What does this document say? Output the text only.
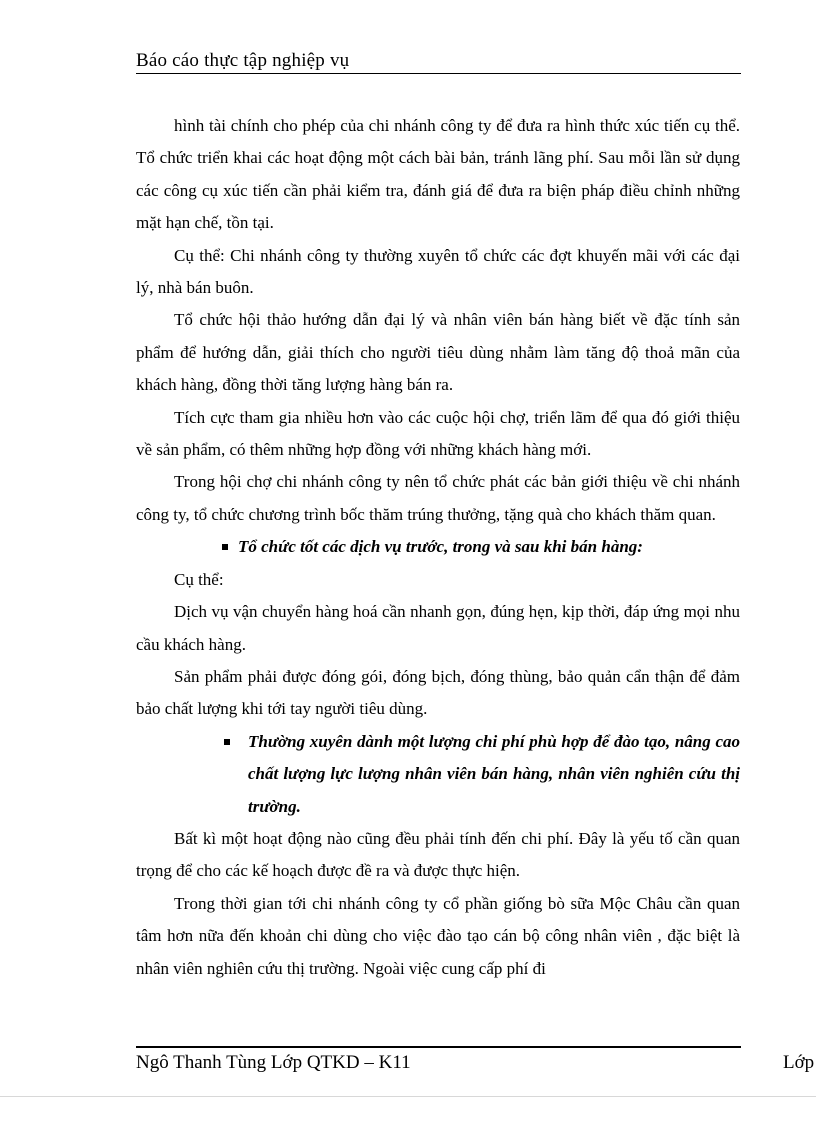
Báo cáo thực tập nghiệp vụ

hình tài chính cho phép của chi nhánh công ty để đưa ra hình thức xúc tiến cụ thể. Tổ chức triển khai các hoạt động một cách bài bản, tránh lãng phí. Sau mỗi lần sử dụng các công cụ xúc tiến cần phải kiểm tra, đánh giá để đưa ra biện pháp điều chỉnh những mặt hạn chế, tồn tại.

Cụ thể: Chi nhánh công ty thường xuyên tổ chức các đợt khuyến mãi với các đại lý, nhà bán buôn.

Tổ chức hội thảo hướng dẫn đại lý và nhân viên bán hàng biết về đặc tính sản phẩm để hướng dẫn, giải thích cho người tiêu dùng nhằm làm tăng độ thoả mãn của khách hàng, đồng thời tăng lượng hàng bán ra.

Tích cực tham gia nhiều hơn vào các cuộc hội chợ, triển lãm để qua đó giới thiệu về sản phẩm, có thêm những hợp đồng với những khách hàng mới.

Trong hội chợ chi nhánh công ty nên tổ chức phát các bản giới thiệu về chi nhánh công ty, tổ chức chương trình bốc thăm trúng thưởng, tặng quà cho khách thăm quan.

Tổ chức tốt các dịch vụ trước, trong và sau khi bán hàng:

Cụ thể:

Dịch vụ vận chuyển hàng hoá cần nhanh gọn, đúng hẹn, kịp thời, đáp ứng mọi nhu cầu khách hàng.

Sản phẩm phải được đóng gói, đóng bịch, đóng thùng, bảo quản cẩn thận để đảm bảo chất lượng khi tới tay người tiêu dùng.

Thường xuyên dành một lượng chi phí phù hợp để đào tạo, nâng cao chất lượng lực lượng nhân viên bán hàng, nhân viên nghiên cứu thị trường.

Bất kì một hoạt động nào cũng đều phải tính đến chi phí. Đây là yếu tố cần quan trọng để cho các kế hoạch được đề ra và được thực hiện.

Trong thời gian tới chi nhánh công ty cổ phần giống bò sữa Mộc Châu cần quan tâm hơn nữa đến khoản chi dùng cho việc đào tạo cán bộ công nhân viên , đặc biệt là nhân viên nghiên cứu thị trường. Ngoài việc cung cấp phí đi

Ngô Thanh Tùng Lớp QTKD – K11	Lớp
